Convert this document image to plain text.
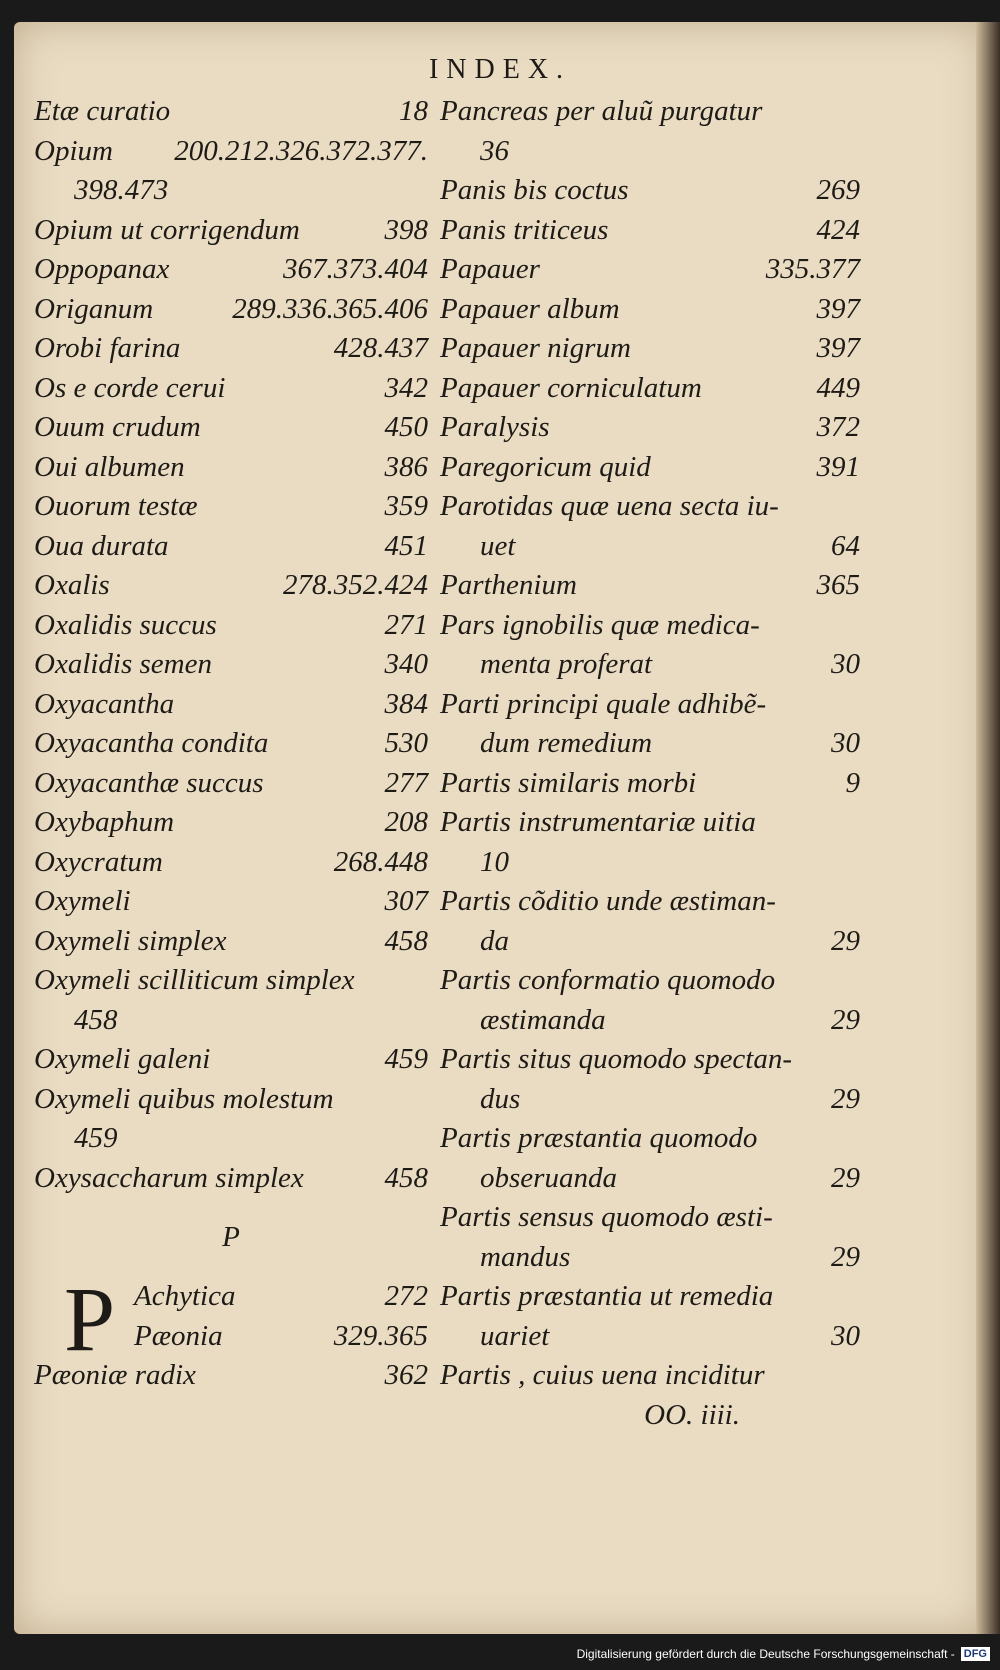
INDEX.
Etæ curatio	18
Opium 200.212.326.372.377.
398.473
Opium ut corrigendum	398
Oppopanax	367.373.404
Origanum	289.336.365.406
Orobi farina	428.437
Os e corde cerui	342
Ouum crudum	450
Oui albumen	386
Ouorum testæ	359
Oua durata	451
Oxalis	278.352.424
Oxalidis succus	271
Oxalidis semen	340
Oxyacantha	384
Oxyacantha condita	530
Oxyacanthæ succus	277
Oxybaphum	208
Oxycratum	268.448
Oxymeli	307
Oxymeli simplex	458
Oxymeli scilliticum simplex
458
Oxymeli galeni	459
Oxymeli quibus molestum
459
Oxysaccharum simplex	458
P
P Achytica	272
Pæonia	329.365
Pæoniæ radix	362
Pancreas per aluũ purgatur
36
Panis bis coctus	269
Panis triticeus	424
Papauer	335.377
Papauer album	397
Papauer nigrum	397
Papauer corniculatum	449
Paralysis	372
Paregoricum quid	391
Parotidas quæ uena secta iu-
uet	64
Parthenium	365
Pars ignobilis quæ medica-
menta proferat	30
Parti principi quale adhibẽ-
dum remedium	30
Partis similaris morbi	9
Partis instrumentariæ uitia
10
Partis cõditio unde æstiman-
da	29
Partis conformatio quomodo
æstimanda	29
Partis situs quomodo spectan-
dus	29
Partis præstantia quomodo
obseruanda	29
Partis sensus quomodo æsti-
mandus	29
Partis præstantia ut remedia
uariet	30
Partis , cuius uena inciditur
OO. iiii.
Digitalisierung gefördert durch die Deutsche Forschungsgemeinschaft - DFG
